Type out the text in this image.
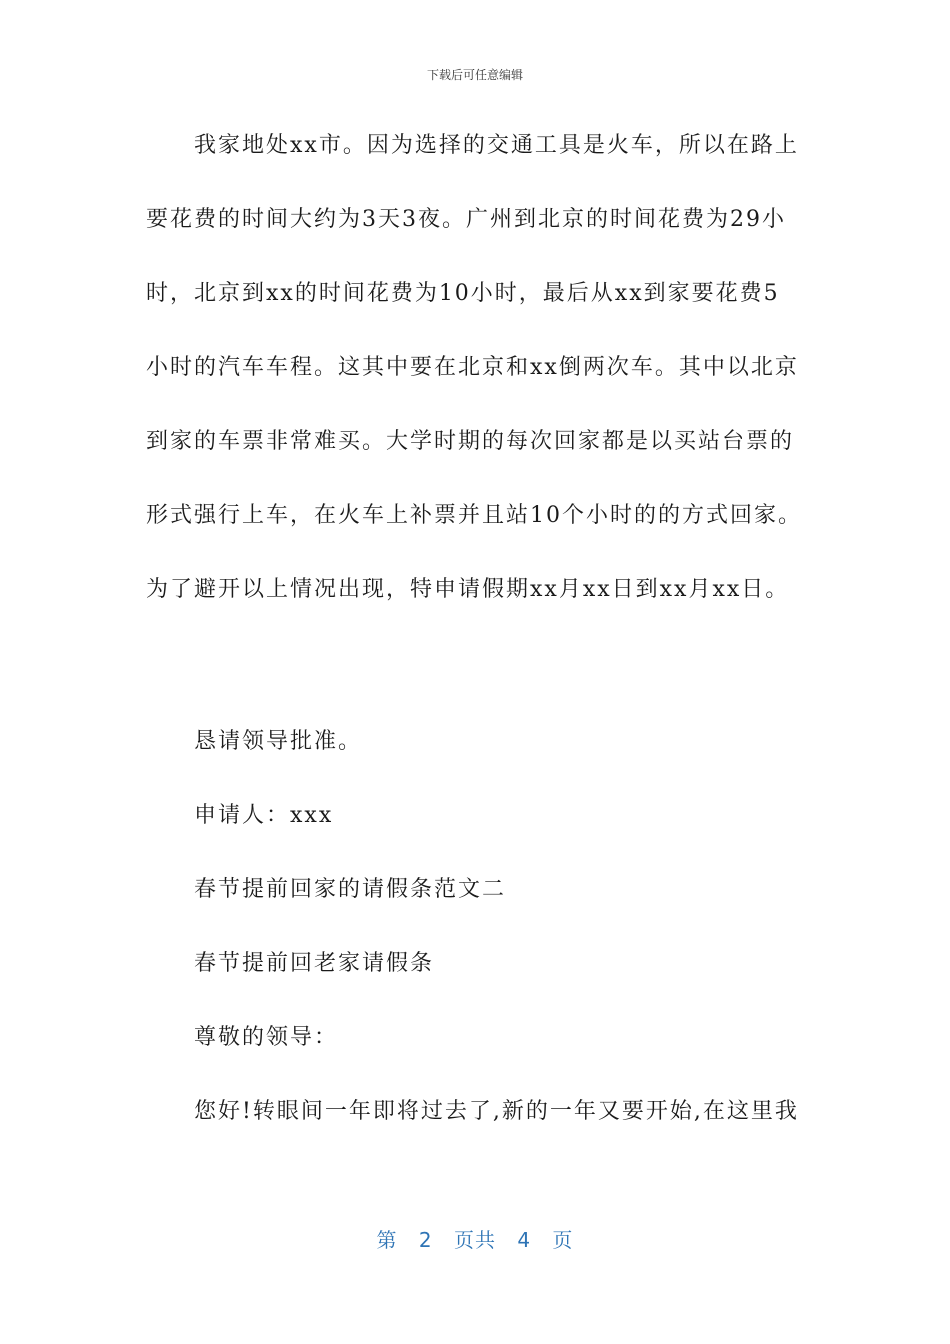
下载后可任意编辑
我家地处xx市。因为选择的交通工具是火车，所以在路上
要花费的时间大约为3天3夜。广州到北京的时间花费为29小
时，北京到xx的时间花费为10小时，最后从xx到家要花费5
小时的汽车车程。这其中要在北京和xx倒两次车。其中以北京
到家的车票非常难买。大学时期的每次回家都是以买站台票的
形式强行上车，在火车上补票并且站10个小时的的方式回家。
为了避开以上情况出现，特申请假期xx月xx日到xx月xx日。
恳请领导批准。
申请人：xxx
春节提前回家的请假条范文二
春节提前回老家请假条
尊敬的领导：
您好!转眼间一年即将过去了,新的一年又要开始,在这里我
第 2 页共 4 页
